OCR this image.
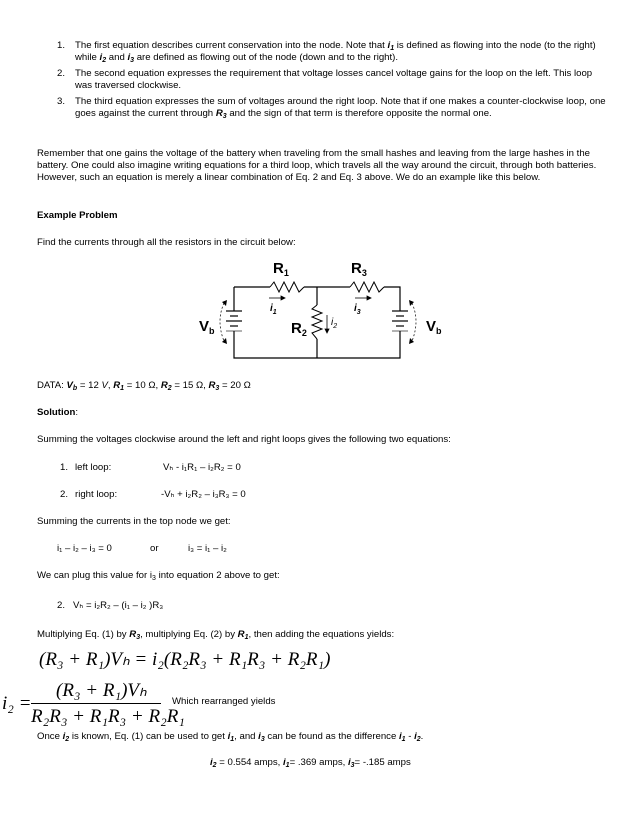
1. The first equation describes current conservation into the node. Note that $i_1$ is defined as flowing into the node (to the right) while $i_2$ and $i_3$ are defined as flowing out of the node (down and to the right).
2. The second equation expresses the requirement that voltage losses cancel voltage gains for the loop on the left. This loop was traversed clockwise.
3. The third equation expresses the sum of voltages around the right loop. Note that if one makes a counter-clockwise loop, one goes against the current through $R_3$ and the sign of that term is therefore opposite the normal one.

Remember that one gains the voltage of the battery when traveling from the small hashes and leaving from the large hashes in the battery. One could also imagine writing equations for a third loop, which travels all the way around the circuit, through both batteries. However, such an equation is merely a linear combination of Eq. 2 and Eq. 3 above. We do an example like this below.

Example Problem

Find the currents through all the resistors in the circuit below:

$R_1$	$R_3$
$R_2$
$i_1$	$i_3$
$i_2$
$V_b$	$V_b$

DATA: $V_b = 12$ V, $R_1 = 10$ Ω, $R_2 = 15$ Ω, $R_3 = 20$ Ω

Solution:

Summing the voltages clockwise around the left and right loops gives the following two equations:

1. left loop:	Vₕ - i₁R₁ – i₂R₂ = 0
2. right loop:	-Vₕ + i₂R₂ – i₃R₃ = 0

Summing the currents in the top node we get:

i₁ – i₂ – i₃ = 0	or	i₃ = i₁ – i₂

We can plug this value for $i_3$ into equation 2 above to get:

2. Vₕ = i₂R₂ – (i₁ – i₂ )R₃

Multiplying Eq. (1) by $R_3$, multiplying Eq. (2) by $R_1$, then adding the equations yields:

(R₃ + R₁)Vₕ = i₂(R₂R₃ + R₁R₃ + R₂R₁)
i₂ =
(R₃ + R₁)Vₕ
R₂R₃ + R₁R₃ + R₂R₁
Which rearranged yields

Once $i_2$ is known, Eq. (1) can be used to get $i_1$, and $i_3$ can be found as the difference $i_1 - i_2$.

$i_2 = 0.554$ amps, $i_1= .369$ amps, $i_3= -.185$ amps
